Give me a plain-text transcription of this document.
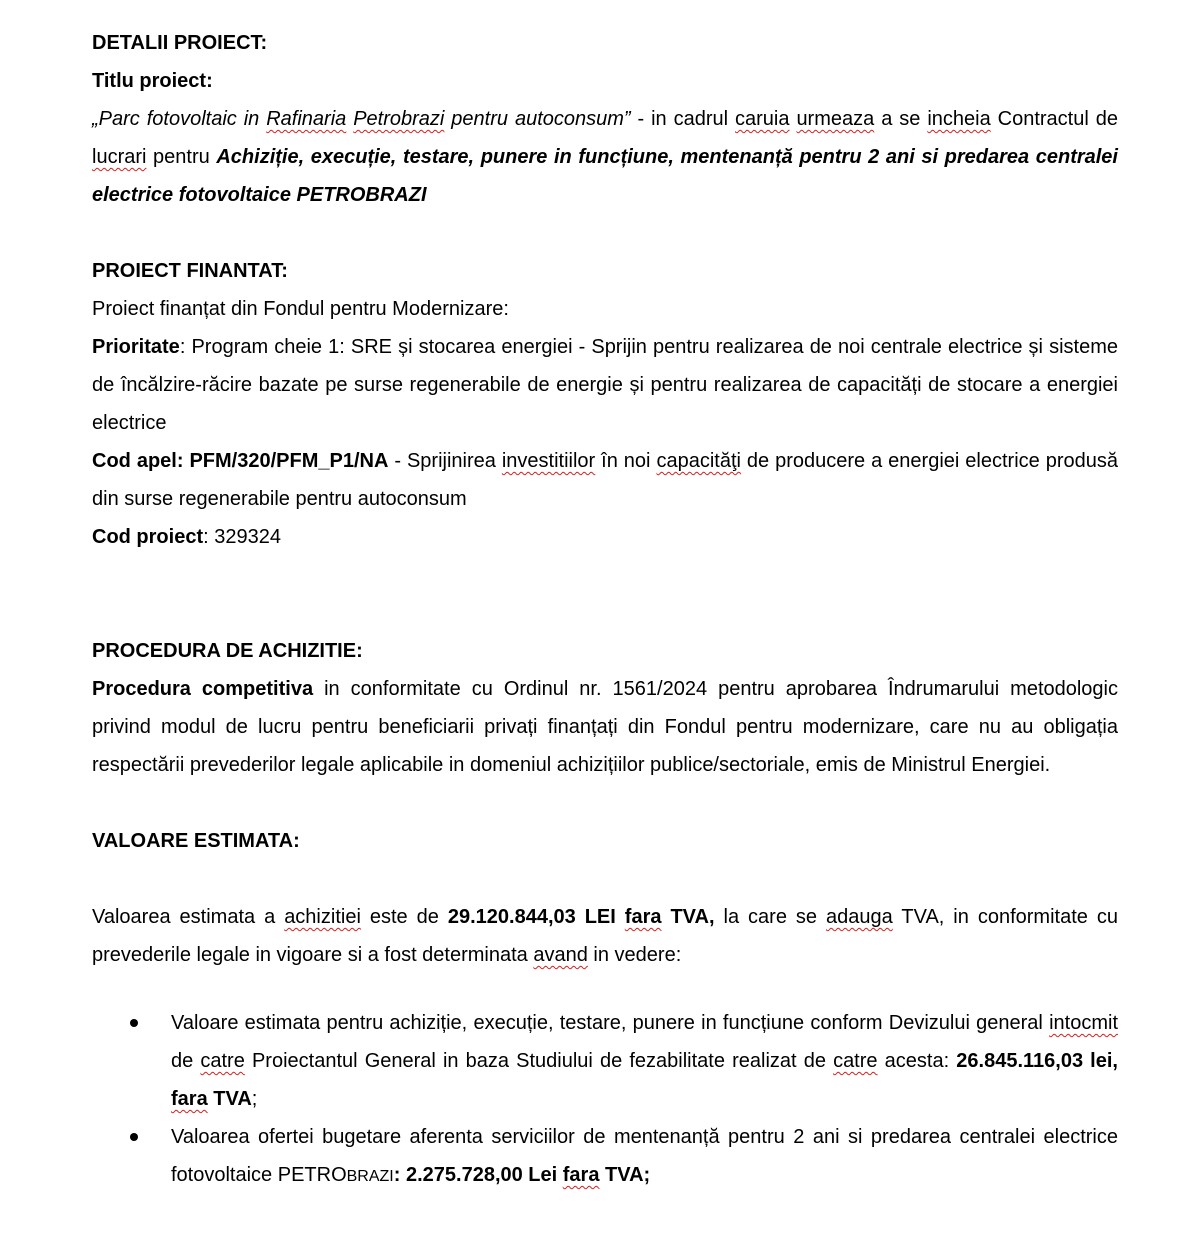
DETALII PROIECT:

Titlu proiect:

„Parc fotovoltaic in Rafinaria Petrobrazi pentru autoconsum” - in cadrul caruia urmeaza a se incheia Contractul de lucrari pentru Achiziție, execuție, testare, punere in funcțiune, mentenanță pentru 2 ani si predarea centralei electrice fotovoltaice PETROBRAZI

PROIECT FINANTAT:

Proiect finanțat din Fondul pentru Modernizare:

Prioritate: Program cheie 1: SRE și stocarea energiei - Sprijin pentru realizarea de noi centrale electrice și sisteme de încălzire-răcire bazate pe surse regenerabile de energie și pentru realizarea de capacități de stocare a energiei electrice

Cod apel: PFM/320/PFM_P1/NA - Sprijinirea investitiilor în noi capacităţi de producere a energiei electrice produsă din surse regenerabile pentru autoconsum

Cod proiect: 329324

PROCEDURA DE ACHIZITIE:

Procedura competitiva in conformitate cu Ordinul nr. 1561/2024 pentru aprobarea Îndrumarului metodologic privind modul de lucru pentru beneficiarii privați finanțați din Fondul pentru modernizare, care nu au obligația respectării prevederilor legale aplicabile in domeniul achizițiilor publice/sectoriale, emis de Ministrul Energiei.

VALOARE ESTIMATA:

Valoarea estimata a achizitiei este de 29.120.844,03 LEI fara TVA, la care se adauga TVA, in conformitate cu prevederile legale in vigoare si a fost determinata avand in vedere:

Valoare estimata pentru achiziție, execuție, testare, punere in funcțiune conform Devizului general intocmit de catre Proiectantul General in baza Studiului de fezabilitate realizat de catre acesta: 26.845.116,03 lei, fara TVA;
Valoarea ofertei bugetare aferenta serviciilor de mentenanță pentru 2 ani si predarea centralei electrice fotovoltaice PETROBRAZI: 2.275.728,00 Lei fara TVA;
